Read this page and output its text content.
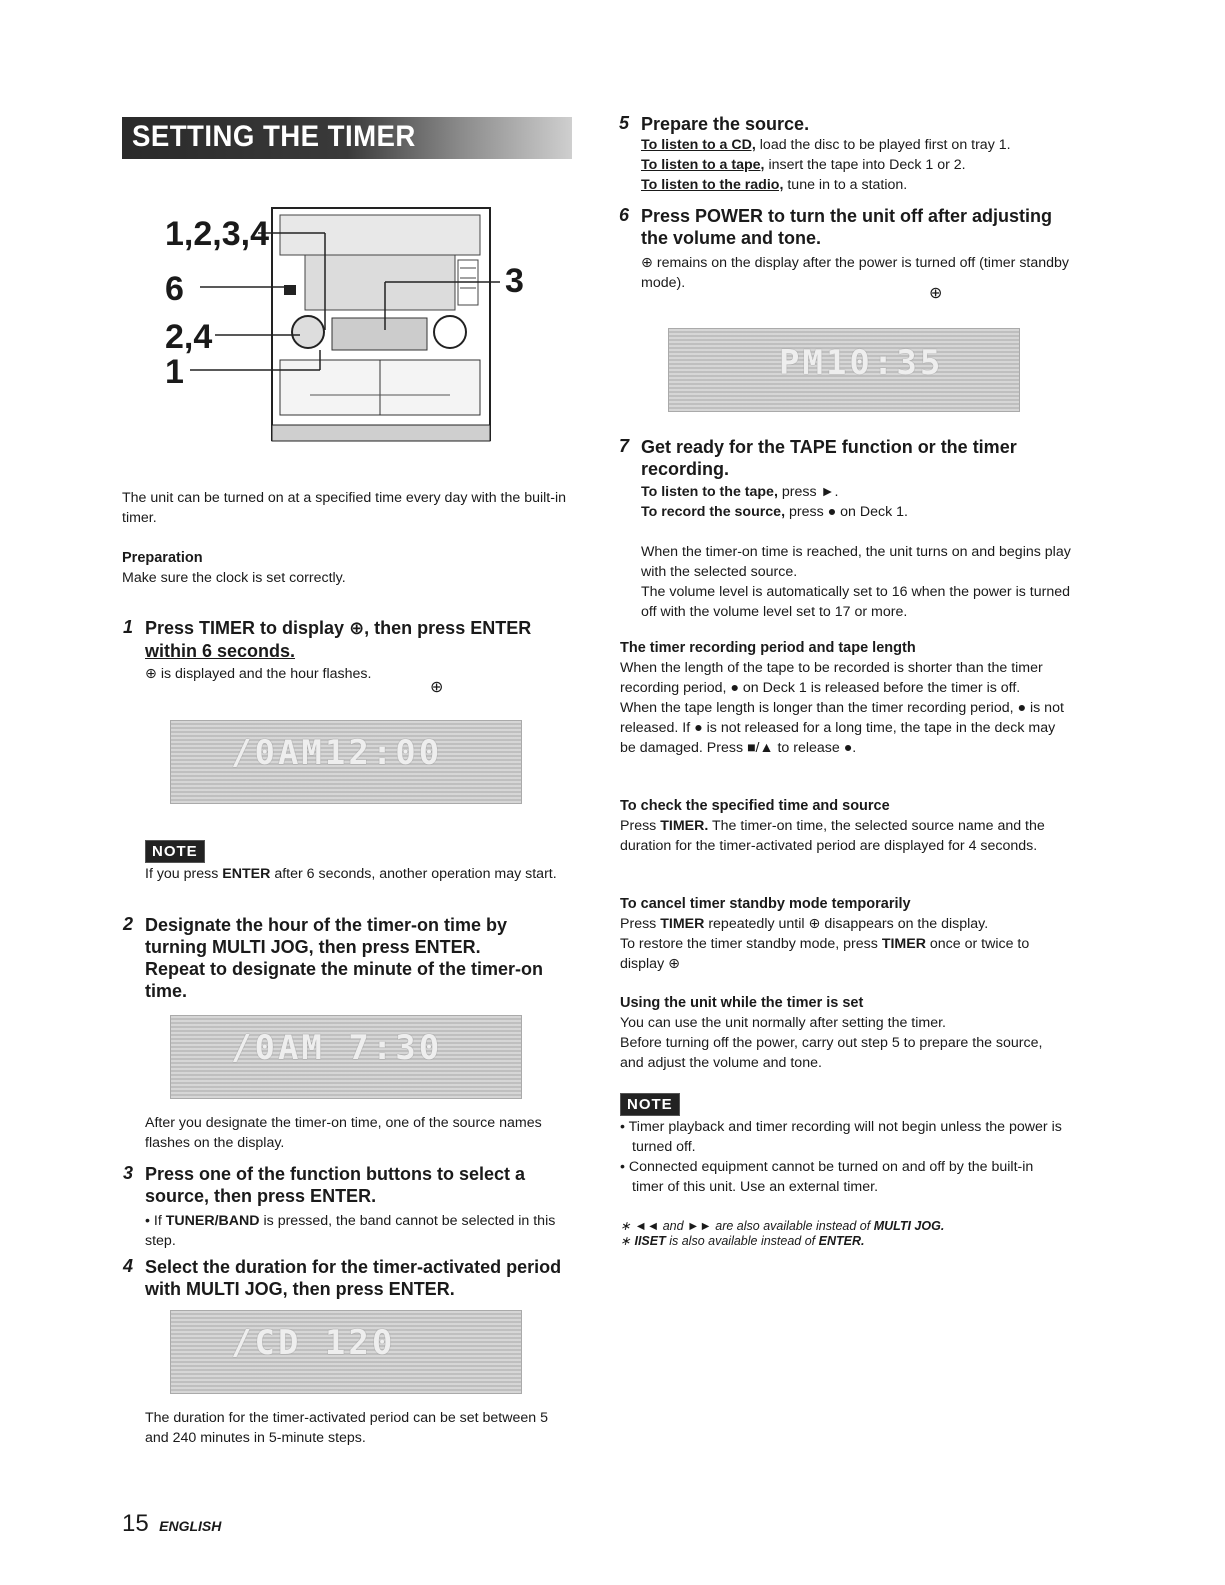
SETTING THE TIMER
1,2,3,4
6
2,4
1
3

The unit can be turned on at a specified time every day with the built-in timer.

Preparation

Make sure the clock is set correctly.

1 Press TIMER to display ⊕, then press ENTER

within 6 seconds.

⊕ is displayed and the hour flashes.

⊕
/0AM12:00
NOTE

If you press ENTER after 6 seconds, another operation may start.

2 Designate the hour of the timer-on time by turning MULTI JOG, then press ENTER.

Repeat to designate the minute of the timer-on time.

/0AM 7:30

After you designate the timer-on time, one of the source names flashes on the display.

3 Press one of the function buttons to select a source, then press ENTER.

• If TUNER/BAND is pressed, the band cannot be selected in this step.

4 Select the duration for the timer-activated period with MULTI JOG, then press ENTER.

/CD 120

The duration for the timer-activated period can be set between 5 and 240 minutes in 5-minute steps.

15 ENGLISH
5 Prepare the source.

To listen to a CD, load the disc to be played first on tray 1.

To listen to a tape, insert the tape into Deck 1 or 2.

To listen to the radio, tune in to a station.

6 Press POWER to turn the unit off after adjusting the volume and tone.

⊕ remains on the display after the power is turned off (timer standby mode).	⊕
PM10:35
7 Get ready for the TAPE function or the timer recording.

To listen to the tape, press ►.

To record the source, press ● on Deck 1.

When the timer-on time is reached, the unit turns on and begins play with the selected source.

The volume level is automatically set to 16 when the power is turned off with the volume level set to 17 or more.

The timer recording period and tape length

When the length of the tape to be recorded is shorter than the timer recording period, ● on Deck 1 is released before the timer is off.

When the tape length is longer than the timer recording period, ● is not released. If ● is not released for a long time, the tape in the deck may be damaged. Press ■/▲ to release ●.

To check the specified time and source

Press TIMER. The timer-on time, the selected source name and the duration for the timer-activated period are displayed for 4 seconds.

To cancel timer standby mode temporarily

Press TIMER repeatedly until ⊕ disappears on the display.

To restore the timer standby mode, press TIMER once or twice to display ⊕

Using the unit while the timer is set

You can use the unit normally after setting the timer.

Before turning off the power, carry out step 5 to prepare the source, and adjust the volume and tone.

NOTE

• Timer playback and timer recording will not begin unless the power is turned off.

• Connected equipment cannot be turned on and off by the built-in timer of this unit. Use an external timer.

∗ ◄◄ and ►► are also available instead of MULTI JOG.
∗ IISET is also available instead of ENTER.
